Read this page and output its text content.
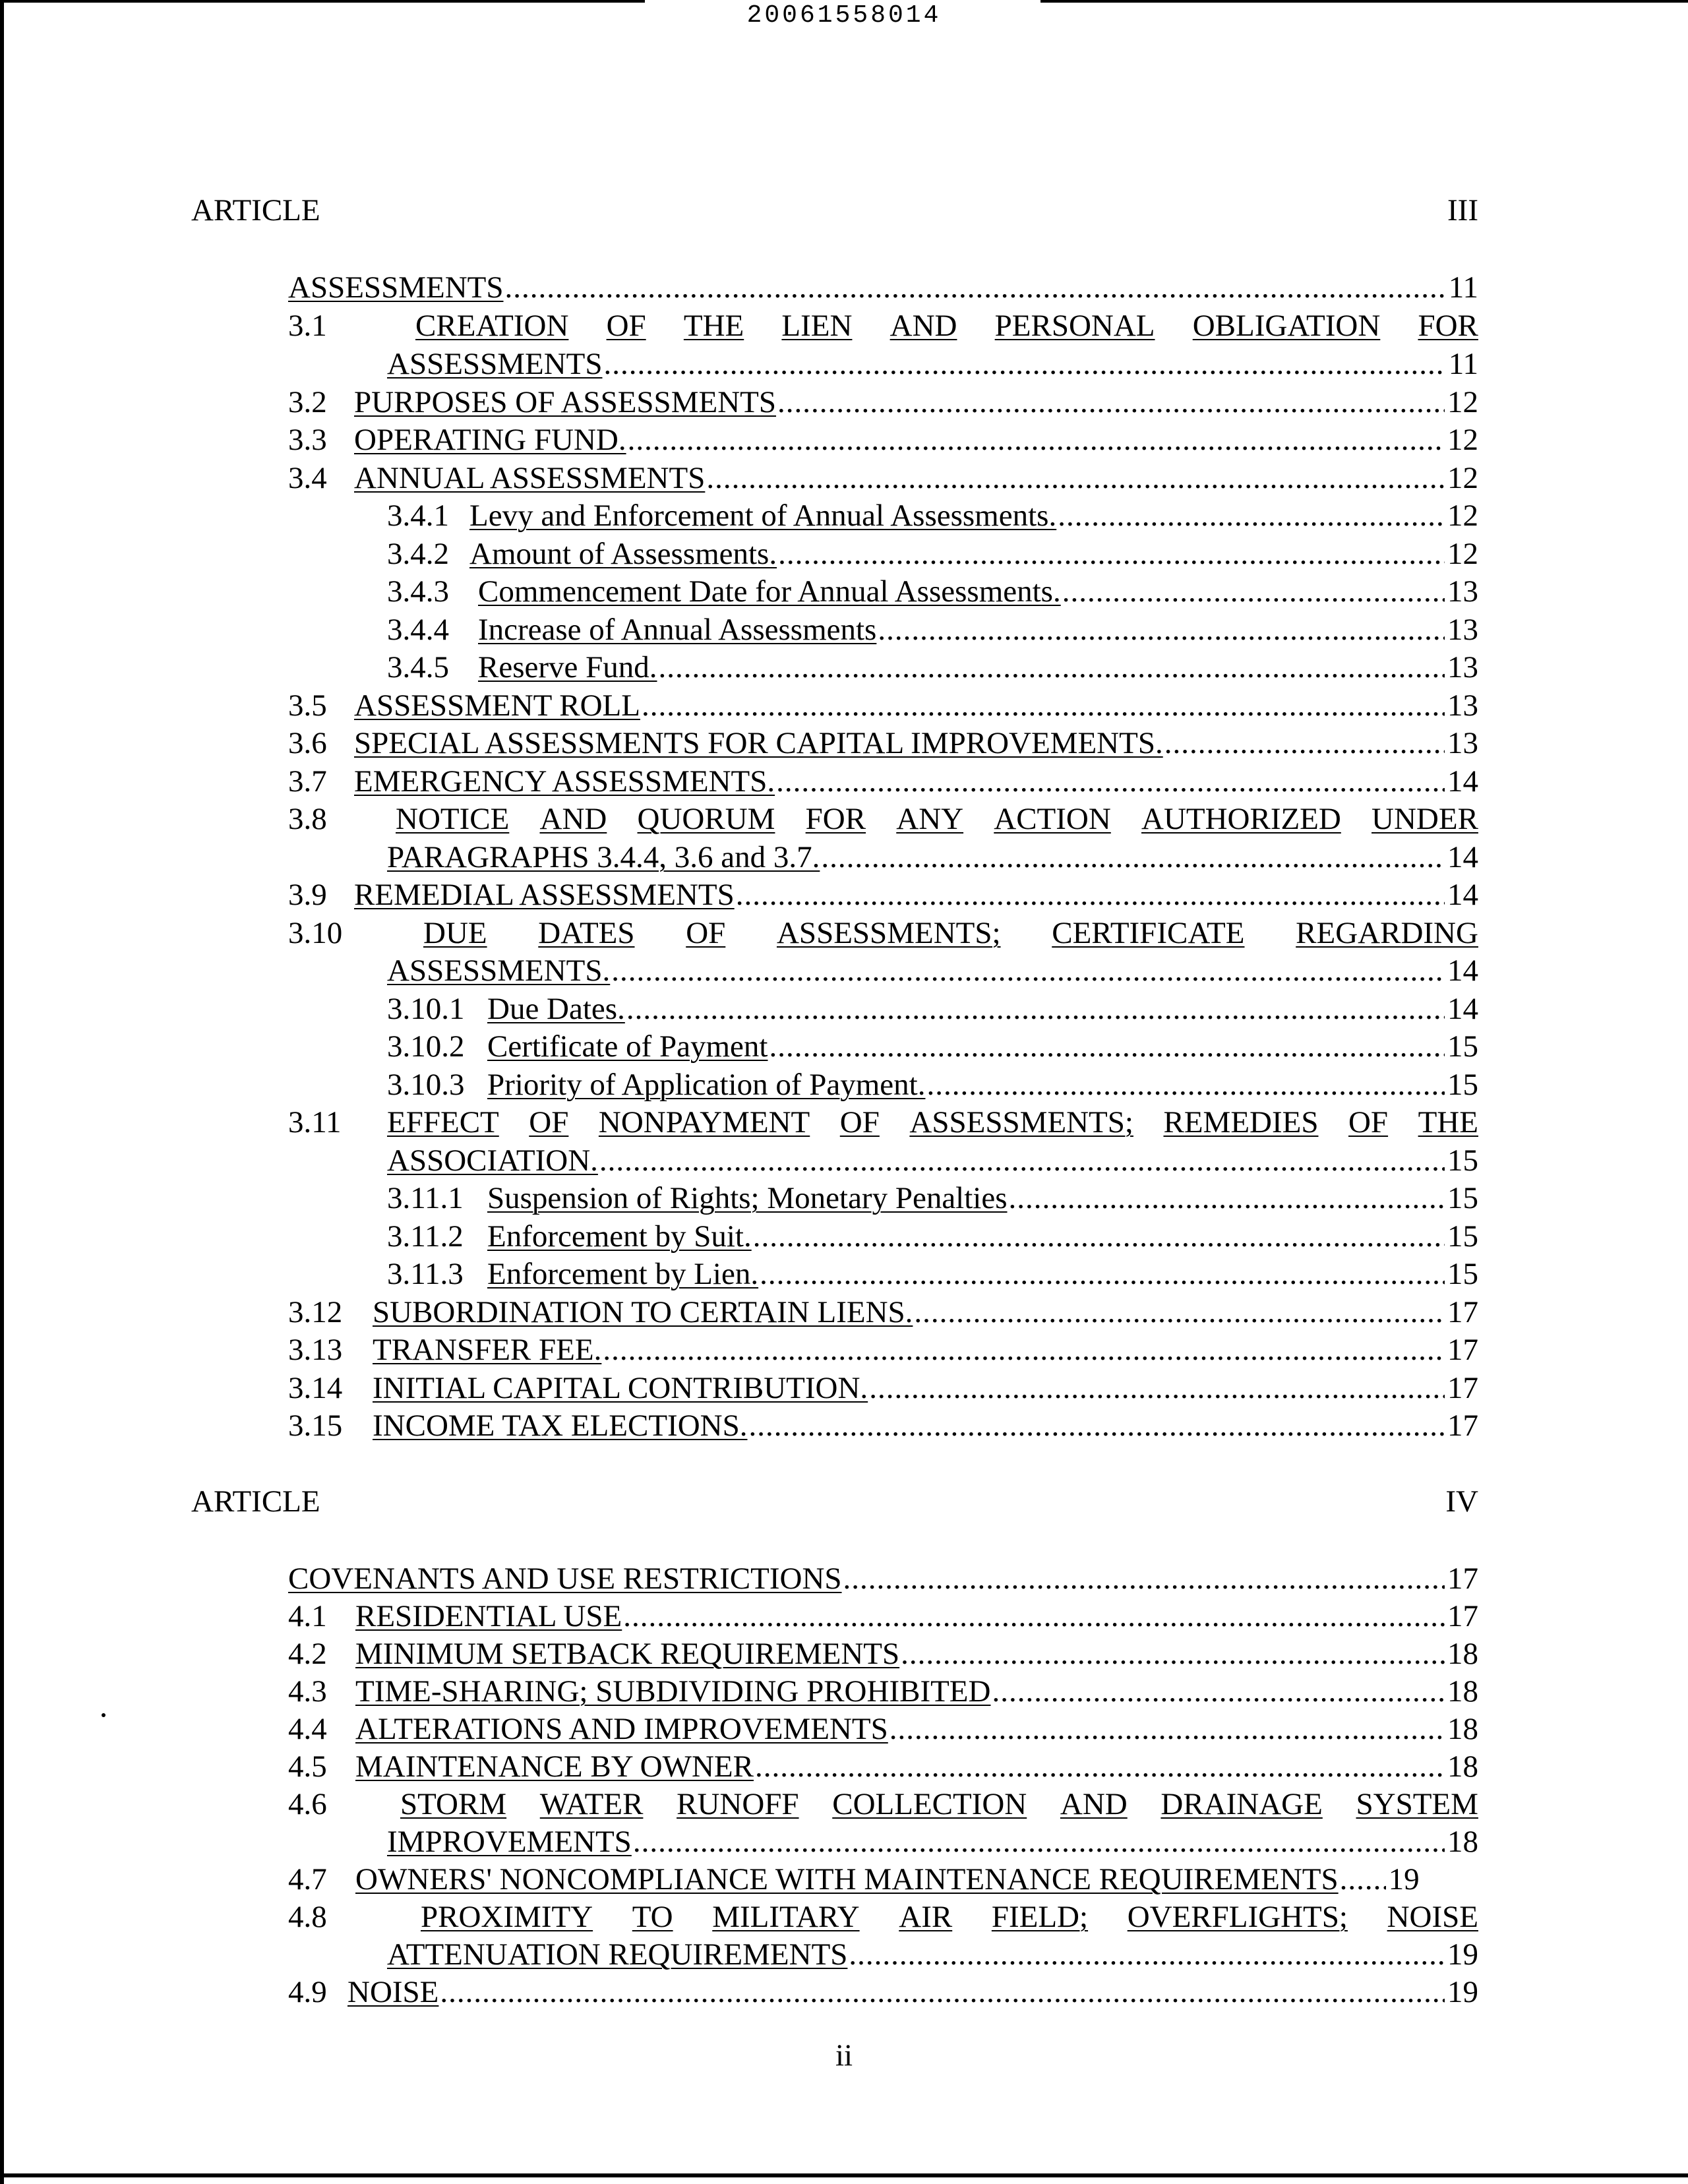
20061558014
ARTICLE	III
ASSESSMENTS .....	11
3.1	CREATION OF THE LIEN AND PERSONAL OBLIGATION FOR
ASSESSMENTS .....	11
3.2 PURPOSES OF ASSESSMENTS .....	12
3.3 OPERATING FUND. .....	12
3.4 ANNUAL ASSESSMENTS .....	12
3.4.1 Levy and Enforcement of Annual Assessments. .....	12
3.4.2 Amount of Assessments. .....	12
3.4.3 Commencement Date for Annual Assessments. .....	13
3.4.4 Increase of Annual Assessments .....	13
3.4.5 Reserve Fund. .....	13
3.5 ASSESSMENT ROLL .....	13
3.6 SPECIAL ASSESSMENTS FOR CAPITAL IMPROVEMENTS. .....	13
3.7 EMERGENCY ASSESSMENTS. .....	14
3.8 NOTICE AND QUORUM FOR ANY ACTION AUTHORIZED UNDER
PARAGRAPHS 3.4.4, 3.6 and 3.7. .....	14
3.9 REMEDIAL ASSESSMENTS .....	14
3.10	DUE DATES OF ASSESSMENTS; CERTIFICATE REGARDING
ASSESSMENTS. .....	14
3.10.1 Due Dates. .....	14
3.10.2 Certificate of Payment .....	15
3.10.3 Priority of Application of Payment. .....	15
3.11 EFFECT OF NONPAYMENT OF ASSESSMENTS; REMEDIES OF THE
ASSOCIATION. .....	15
3.11.1 Suspension of Rights; Monetary Penalties .....	15
3.11.2 Enforcement by Suit. .....	15
3.11.3 Enforcement by Lien. .....	15
3.12 SUBORDINATION TO CERTAIN LIENS. .....	17
3.13 TRANSFER FEE. .....	17
3.14 INITIAL CAPITAL CONTRIBUTION. .....	17
3.15 INCOME TAX ELECTIONS. .....	17
ARTICLE	IV
COVENANTS AND USE RESTRICTIONS .....	17
4.1 RESIDENTIAL USE .....	17
4.2 MINIMUM SETBACK REQUIREMENTS .....	18
4.3 TIME-SHARING; SUBDIVIDING PROHIBITED .....	18
4.4 ALTERATIONS AND IMPROVEMENTS .....	18
4.5 MAINTENANCE BY OWNER .....	18
4.6 STORM WATER RUNOFF COLLECTION AND DRAINAGE SYSTEM
IMPROVEMENTS .....	18
4.7 OWNERS' NONCOMPLIANCE WITH MAINTENANCE REQUIREMENTS ..... 19
4.8	PROXIMITY TO MILITARY AIR FIELD; OVERFLIGHTS; NOISE
ATTENUATION REQUIREMENTS .....	19
4.9 NOISE .....	19
ii
